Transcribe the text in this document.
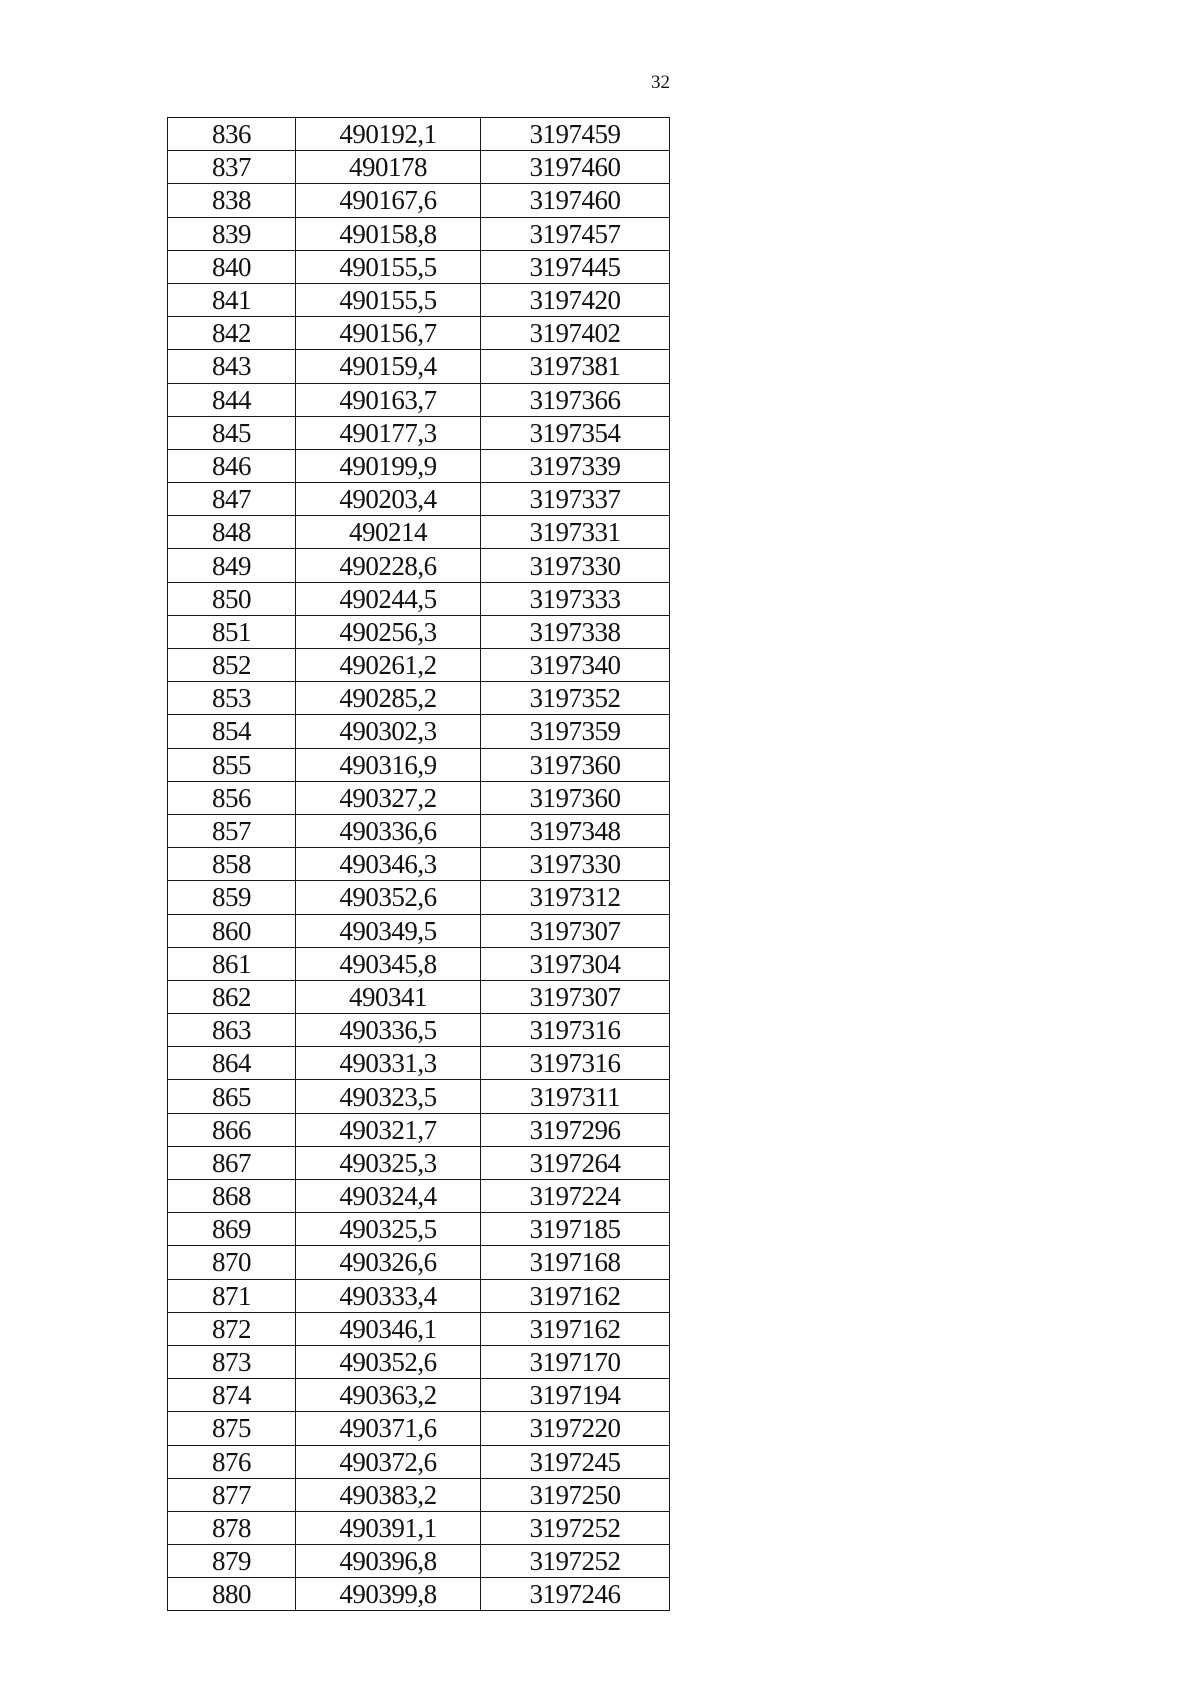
32
836	490192,1	3197459
837	490178	3197460
838	490167,6	3197460
839	490158,8	3197457
840	490155,5	3197445
841	490155,5	3197420
842	490156,7	3197402
843	490159,4	3197381
844	490163,7	3197366
845	490177,3	3197354
846	490199,9	3197339
847	490203,4	3197337
848	490214	3197331
849	490228,6	3197330
850	490244,5	3197333
851	490256,3	3197338
852	490261,2	3197340
853	490285,2	3197352
854	490302,3	3197359
855	490316,9	3197360
856	490327,2	3197360
857	490336,6	3197348
858	490346,3	3197330
859	490352,6	3197312
860	490349,5	3197307
861	490345,8	3197304
862	490341	3197307
863	490336,5	3197316
864	490331,3	3197316
865	490323,5	3197311
866	490321,7	3197296
867	490325,3	3197264
868	490324,4	3197224
869	490325,5	3197185
870	490326,6	3197168
871	490333,4	3197162
872	490346,1	3197162
873	490352,6	3197170
874	490363,2	3197194
875	490371,6	3197220
876	490372,6	3197245
877	490383,2	3197250
878	490391,1	3197252
879	490396,8	3197252
880	490399,8	3197246
